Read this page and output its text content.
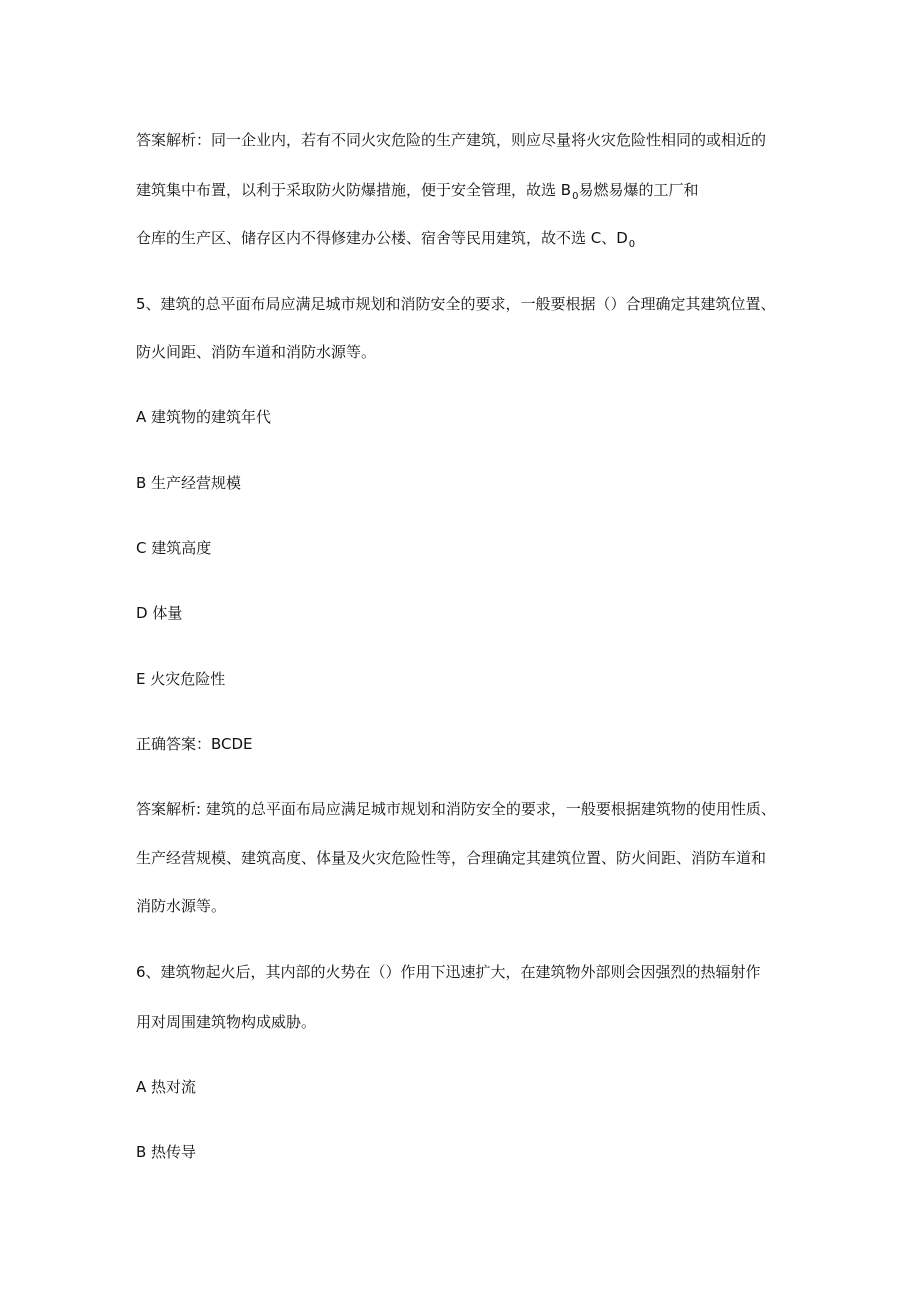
答案解析：同一企业内，若有不同火灾危险的生产建筑，则应尽量将火灾危险性相同的或相近的
建筑集中布置，以利于采取防火防爆措施，便于安全管理，故选 $B_0$易燃易爆的工厂和
仓库的生产区、储存区内不得修建办公楼、宿舍等民用建筑，故不选 C、$D_0$
5、建筑的总平面布局应满足城市规划和消防安全的要求，一般要根据（）合理确定其建筑位置、
防火间距、消防车道和消防水源等。
A 建筑物的建筑年代
B 生产经营规模
C 建筑高度
D 体量
E 火灾危险性
正确答案：BCDE
答案解析: 建筑的总平面布局应满足城市规划和消防安全的要求，一般要根据建筑物的使用性质、
生产经营规模、建筑高度、体量及火灾危险性等，合理确定其建筑位置、防火间距、消防车道和
消防水源等。
6、建筑物起火后，其内部的火势在（）作用下迅速扩大，在建筑物外部则会因强烈的热辐射作
用对周围建筑物构成威胁。
A 热对流
B 热传导
